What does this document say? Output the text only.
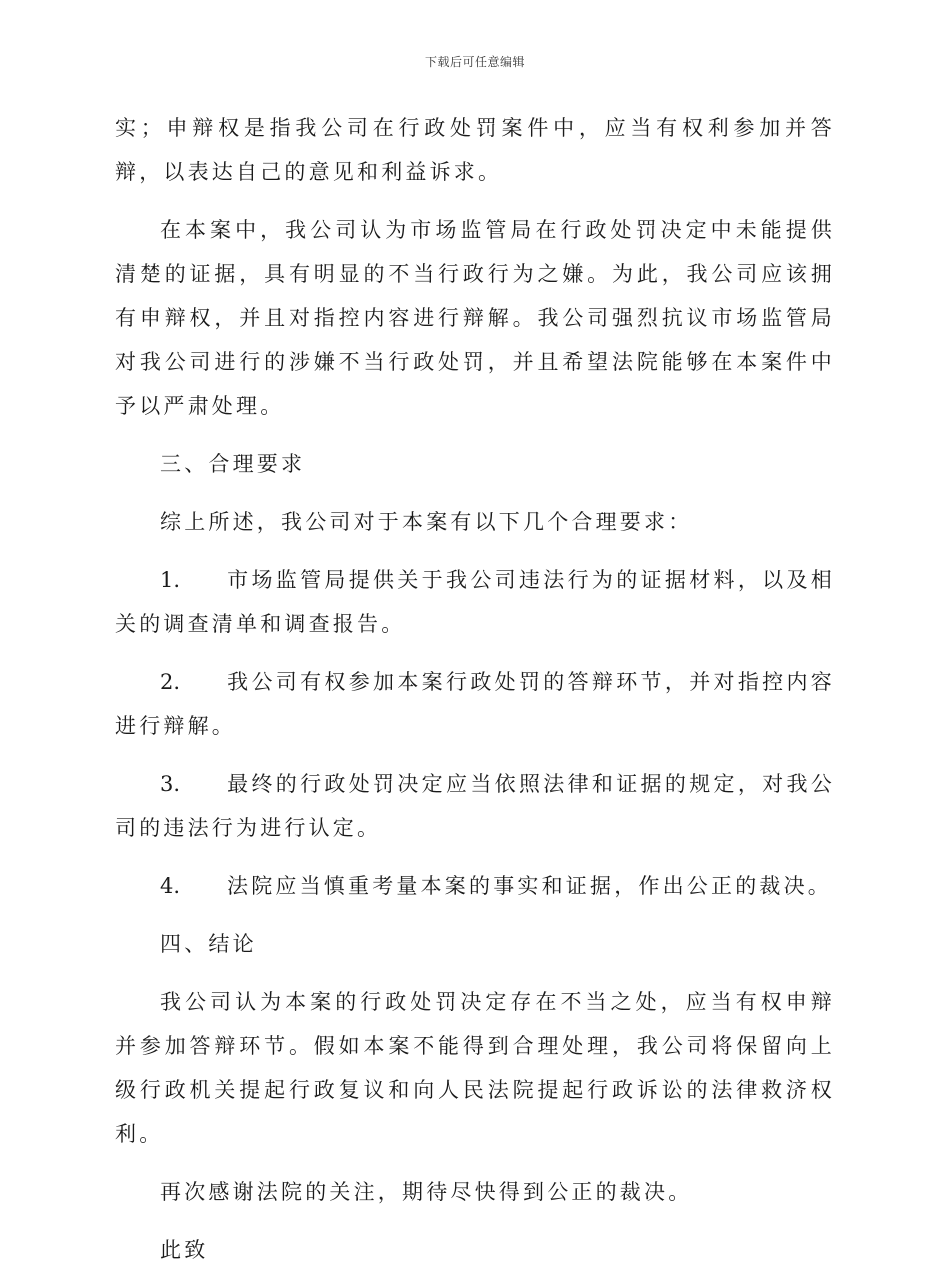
下载后可任意编辑

实；申辩权是指我公司在行政处罚案件中，应当有权利参加并答辩，以表达自己的意见和利益诉求。

在本案中，我公司认为市场监管局在行政处罚决定中未能提供清楚的证据，具有明显的不当行政行为之嫌。为此，我公司应该拥有申辩权，并且对指控内容进行辩解。我公司强烈抗议市场监管局对我公司进行的涉嫌不当行政处罚，并且希望法院能够在本案件中予以严肃处理。

三、合理要求

综上所述，我公司对于本案有以下几个合理要求：

1. 市场监管局提供关于我公司违法行为的证据材料，以及相关的调查清单和调查报告。

2. 我公司有权参加本案行政处罚的答辩环节，并对指控内容进行辩解。

3. 最终的行政处罚决定应当依照法律和证据的规定，对我公司的违法行为进行认定。

4. 法院应当慎重考量本案的事实和证据，作出公正的裁决。

四、结论

我公司认为本案的行政处罚决定存在不当之处，应当有权申辩并参加答辩环节。假如本案不能得到合理处理，我公司将保留向上级行政机关提起行政复议和向人民法院提起行政诉讼的法律救济权利。

再次感谢法院的关注，期待尽快得到公正的裁决。

此致
